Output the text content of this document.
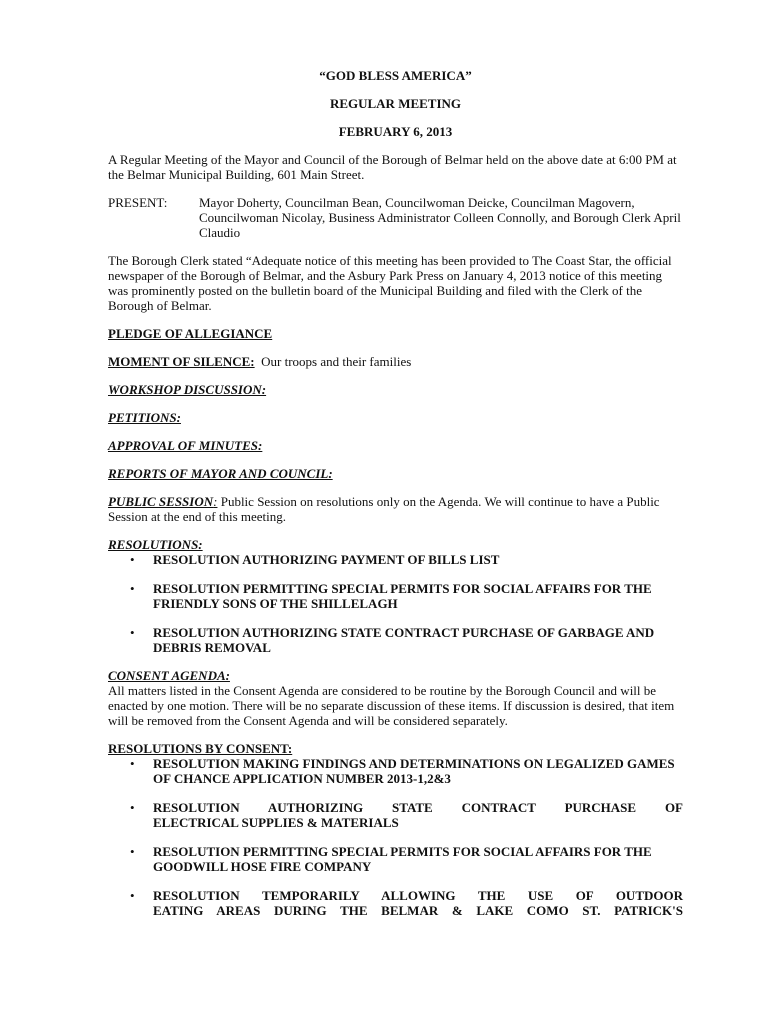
“GOD BLESS AMERICA”
REGULAR MEETING
FEBRUARY 6, 2013

A Regular Meeting of the Mayor and Council of the Borough of Belmar held on the above date at 6:00 PM at the Belmar Municipal Building, 601 Main Street.

PRESENT:	Mayor Doherty, Councilman Bean, Councilwoman Deicke, Councilman Magovern, Councilwoman Nicolay, Business Administrator Colleen Connolly, and Borough Clerk April Claudio

The Borough Clerk stated “Adequate notice of this meeting has been provided to The Coast Star, the official newspaper of the Borough of Belmar, and the Asbury Park Press on January 4, 2013 notice of this meeting was prominently posted on the bulletin board of the Municipal Building and filed with the Clerk of the Borough of Belmar.

PLEDGE OF ALLEGIANCE
MOMENT OF SILENCE: Our troops and their families
WORKSHOP DISCUSSION:
PETITIONS:
APPROVAL OF MINUTES:
REPORTS OF MAYOR AND COUNCIL:
PUBLIC SESSION: Public Session on resolutions only on the Agenda. We will continue to have a Public Session at the end of this meeting.
RESOLUTIONS:
• RESOLUTION AUTHORIZING PAYMENT OF BILLS LIST
• RESOLUTION PERMITTING SPECIAL PERMITS FOR SOCIAL AFFAIRS FOR THE FRIENDLY SONS OF THE SHILLELAGH
• RESOLUTION AUTHORIZING STATE CONTRACT PURCHASE OF GARBAGE AND DEBRIS REMOVAL
CONSENT AGENDA:

All matters listed in the Consent Agenda are considered to be routine by the Borough Council and will be enacted by one motion. There will be no separate discussion of these items. If discussion is desired, that item will be removed from the Consent Agenda and will be considered separately.

RESOLUTIONS BY CONSENT:
• RESOLUTION MAKING FINDINGS AND DETERMINATIONS ON LEGALIZED GAMES OF CHANCE APPLICATION NUMBER 2013-1,2&3
• RESOLUTION AUTHORIZING STATE CONTRACT PURCHASE OF
ELECTRICAL SUPPLIES & MATERIALS
• RESOLUTION PERMITTING SPECIAL PERMITS FOR SOCIAL AFFAIRS FOR THE GOODWILL HOSE FIRE COMPANY
• RESOLUTION TEMPORARILY ALLOWING THE USE OF OUTDOOR
EATING AREAS DURING THE BELMAR & LAKE COMO ST. PATRICK'S
